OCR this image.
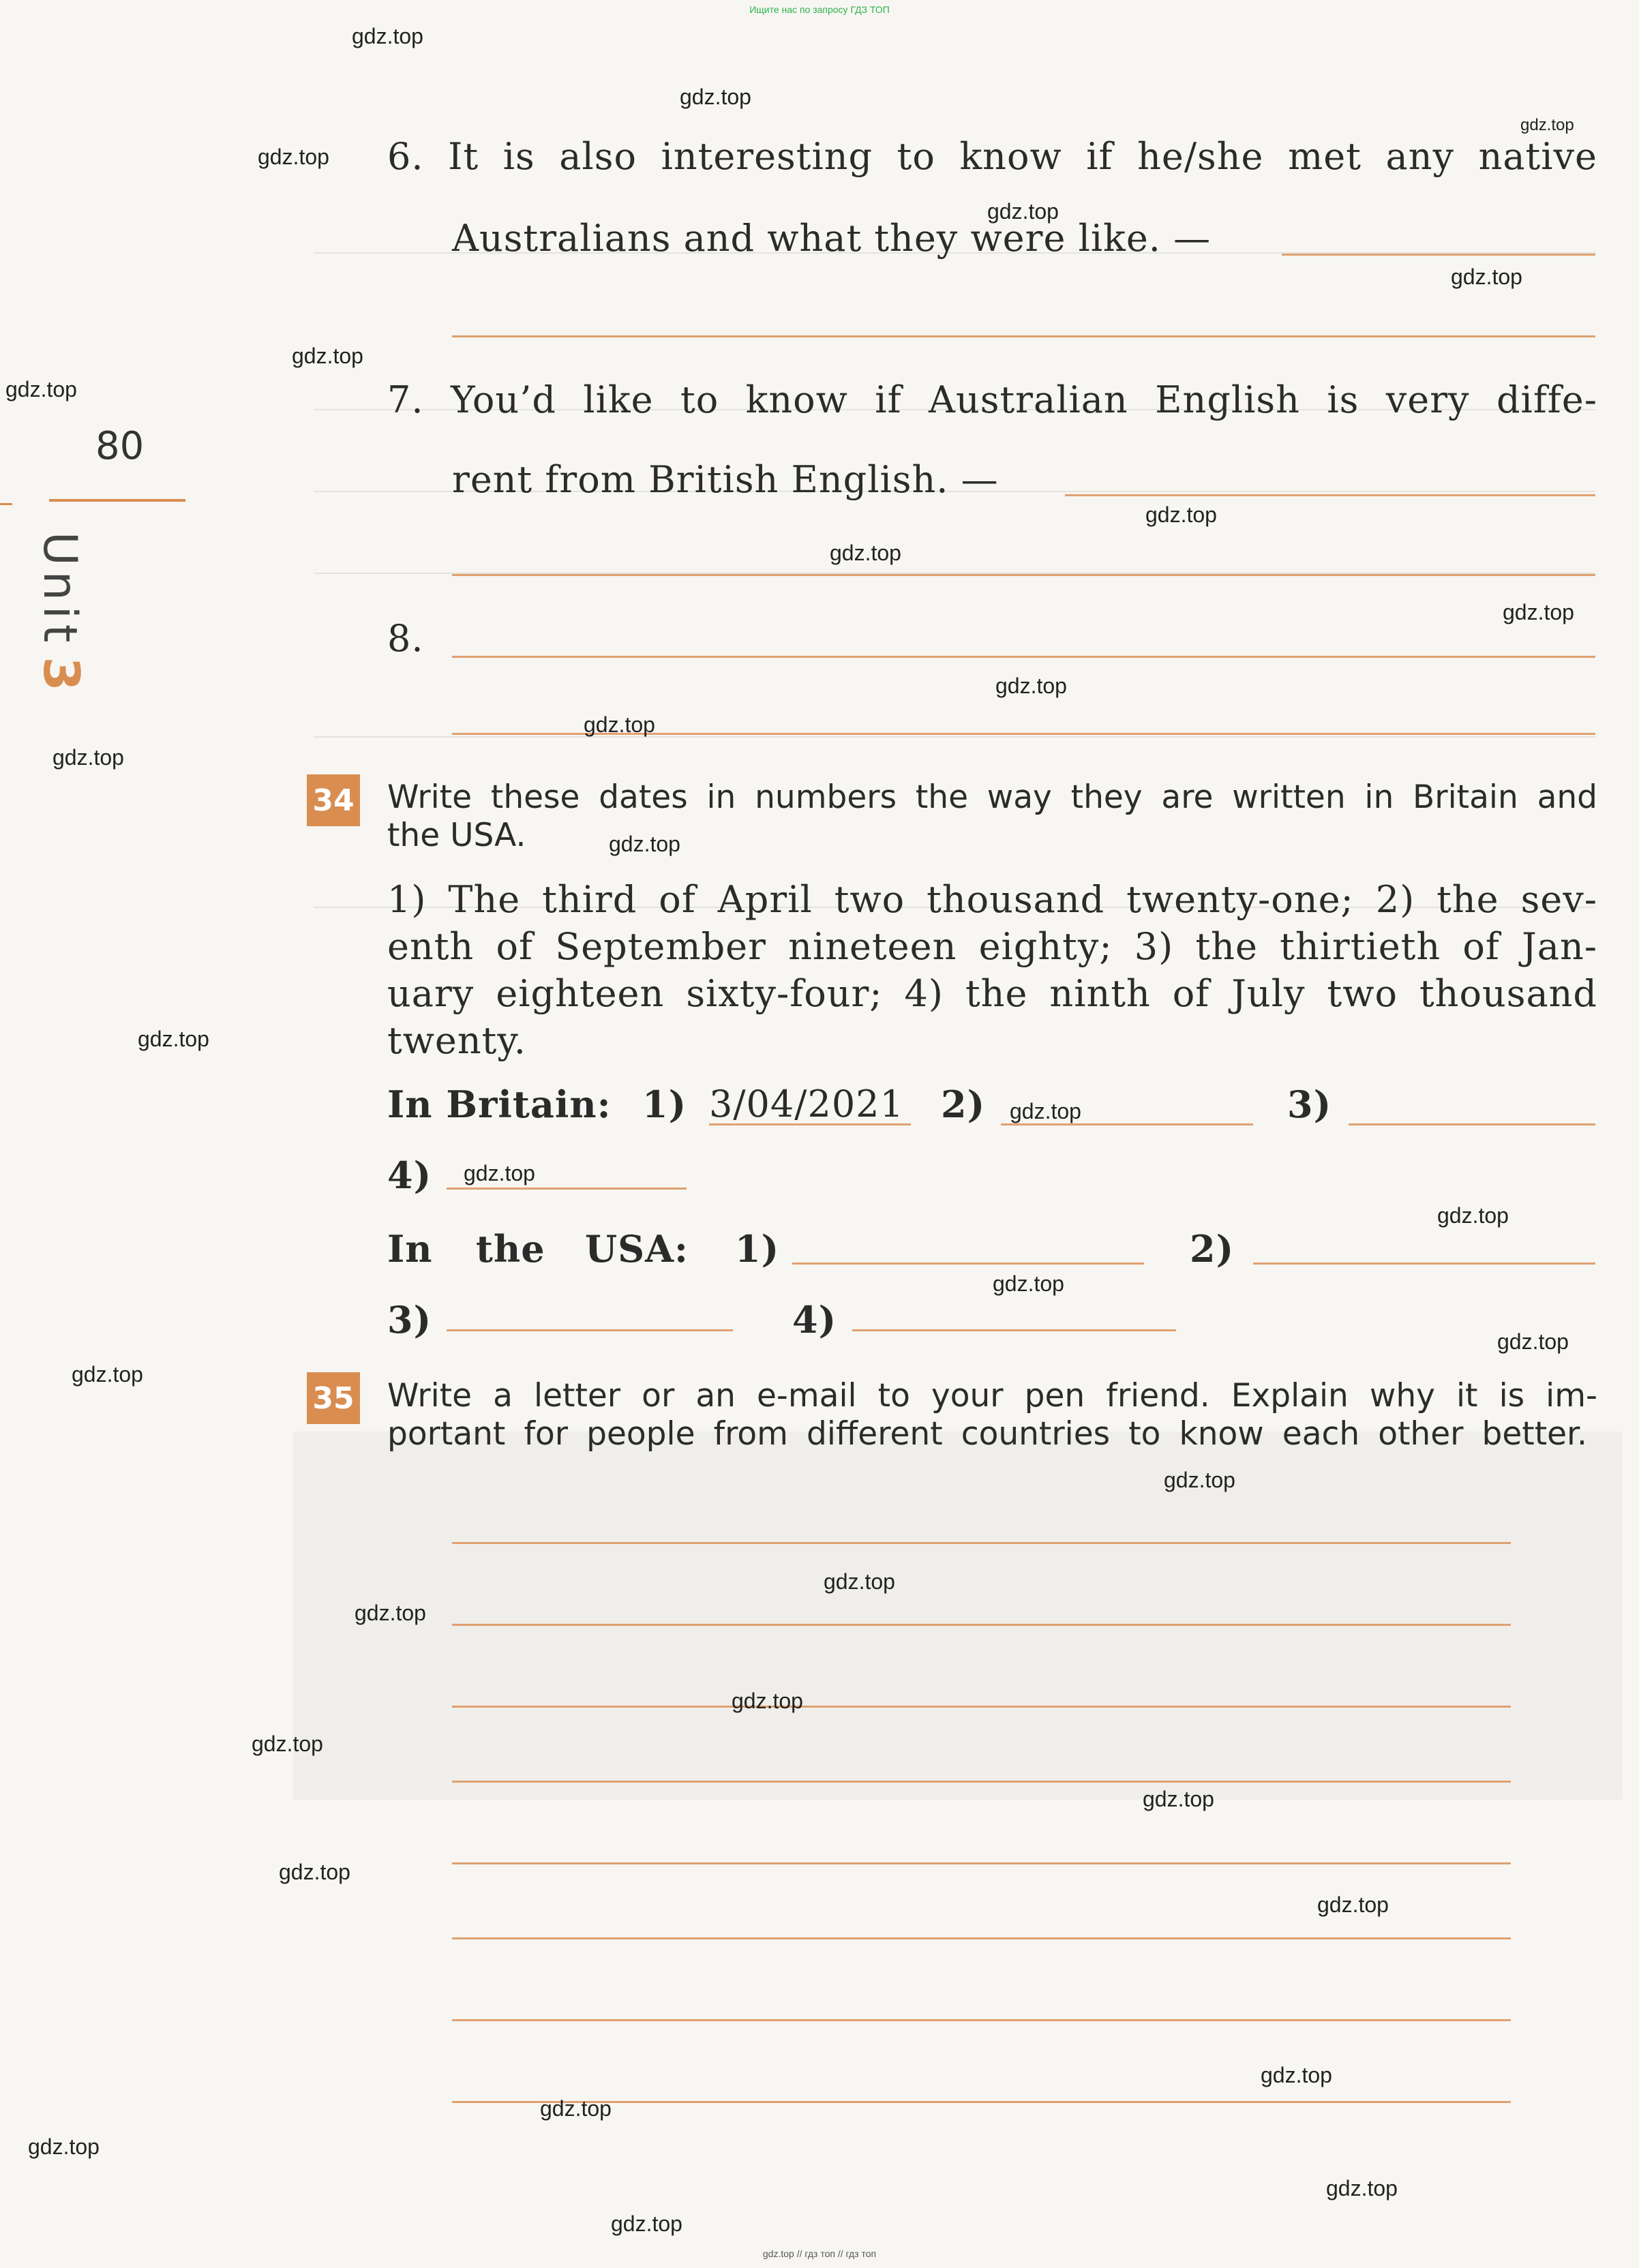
Ищите нас по запросу ГДЗ ТОП
gdz.top // гдз топ // гдз топ
80
Unit 3
6. It is also interesting to know if he/she met any native
Australians and what they were like. —
7. You’d like to know if Australian English is very diffe-
rent from British English. —
8.
34 Write these dates in numbers the way they are written in Britain and
the USA.
1) The third of April two thousand twenty-one; 2) the sev-
enth of September nineteen eighty; 3) the thirtieth of Jan-
uary eighteen sixty-four; 4) the ninth of July two thousand
twenty.
In Britain: 1) 3/04/2021 2)	3)
4)
In the USA: 1)	2)
3)	4)
35 Write a letter or an e-mail to your pen friend. Explain why it is im-
portant for people from different countries to know each other better.
gdz.top
gdz.top
gdz.top
gdz.top
gdz.top
gdz.top
gdz.top
gdz.top
gdz.top
gdz.top
gdz.top
gdz.top
gdz.top
gdz.top
gdz.top
gdz.top
gdz.top
gdz.top
gdz.top
gdz.top
gdz.top
gdz.top
gdz.top
gdz.top
gdz.top
gdz.top
gdz.top
gdz.top
gdz.top
gdz.top
gdz.top
gdz.top
gdz.top
gdz.top
gdz.top
